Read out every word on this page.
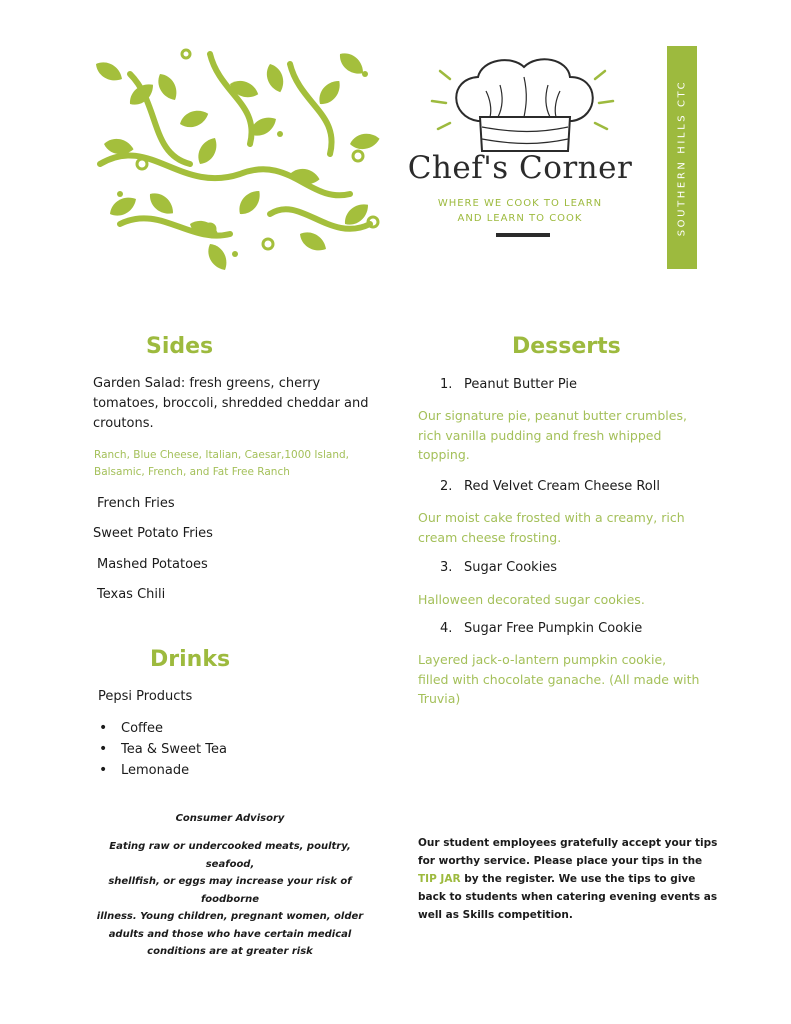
Chef's Corner
WHERE WE COOK TO LEARN
AND LEARN TO COOK	SOUTHERN HILLS CTC
Sides
Garden Salad: fresh greens, cherry
tomatoes, broccoli, shredded cheddar and
croutons.
Ranch, Blue Cheese, Italian, Caesar,1000 Island,
Balsamic, French, and Fat Free Ranch
French Fries
Sweet Potato Fries
Mashed Potatoes
Texas Chili
Drinks
Pepsi Products
• Coffee
• Tea & Sweet Tea
• Lemonade
Desserts
1. Peanut Butter Pie
Our signature pie, peanut butter crumbles,
rich vanilla pudding and fresh whipped
topping.
2. Red Velvet Cream Cheese Roll
Our moist cake frosted with a creamy, rich
cream cheese frosting.
3. Sugar Cookies
Halloween decorated sugar cookies.
4. Sugar Free Pumpkin Cookie
Layered jack-o-lantern pumpkin cookie,
filled with chocolate ganache. (All made with
Truvia)
Consumer Advisory
Eating raw or undercooked meats, poultry, seafood,
shellfish, or eggs may increase your risk of foodborne
illness. Young children, pregnant women, older
adults and those who have certain medical
conditions are at greater risk
Our student employees gratefully accept your tips
for worthy service. Please place your tips in the
TIP JAR by the register. We use the tips to give
back to students when catering evening events as
well as Skills competition.
